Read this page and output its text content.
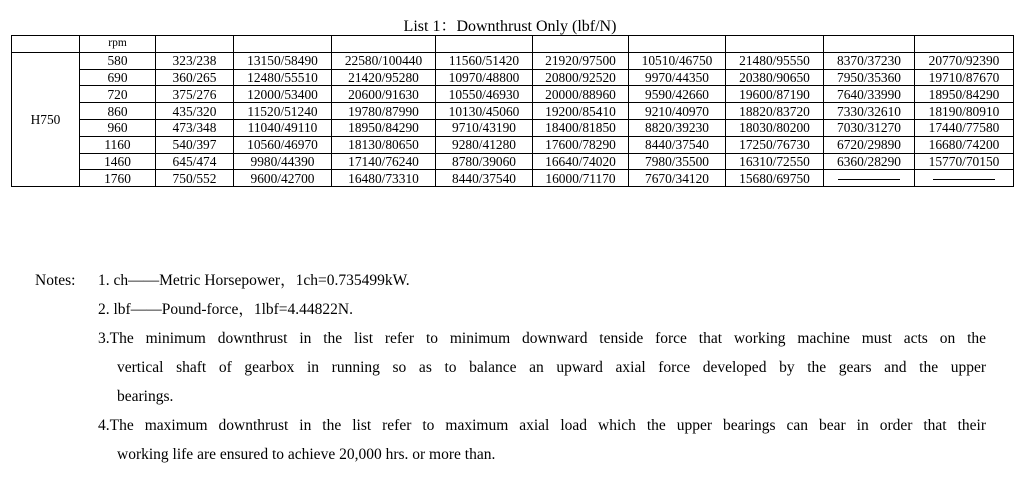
List 1：Downthrust Only (lbf/N)
	rpm									
H750	580	323/238	13150/58490	22580/100440	11560/51420	21920/97500	10510/46750	21480/95550	8370/37230	20770/92390
	690	360/265	12480/55510	21420/95280	10970/48800	20800/92520	9970/44350	20380/90650	7950/35360	19710/87670
	720	375/276	12000/53400	20600/91630	10550/46930	20000/88960	9590/42660	19600/87190	7640/33990	18950/84290
	860	435/320	11520/51240	19780/87990	10130/45060	19200/85410	9210/40970	18820/83720	7330/32610	18190/80910
	960	473/348	11040/49110	18950/84290	9710/43190	18400/81850	8820/39230	18030/80200	7030/31270	17440/77580
	1160	540/397	10560/46970	18130/80650	9280/41280	17600/78290	8440/37540	17250/76730	6720/29890	16680/74200
	1460	645/474	9980/44390	17140/76240	8780/39060	16640/74020	7980/35500	16310/72550	6360/28290	15770/70150
	1760	750/552	9600/42700	16480/73310	8440/37540	16000/71170	7670/34120	15680/69750		
Notes: 1. ch——Metric Horsepower，1ch=0.735499kW.
2. lbf——Pound-force，1lbf=4.44822N.
3.The minimum downthrust in the list refer to minimum downward tenside force that working machine must acts on the
vertical shaft of gearbox in running so as to balance an upward axial force developed by the gears and the upper
bearings.
4.The maximum downthrust in the list refer to maximum axial load which the upper bearings can bear in order that their
working life are ensured to achieve 20,000 hrs. or more than.
